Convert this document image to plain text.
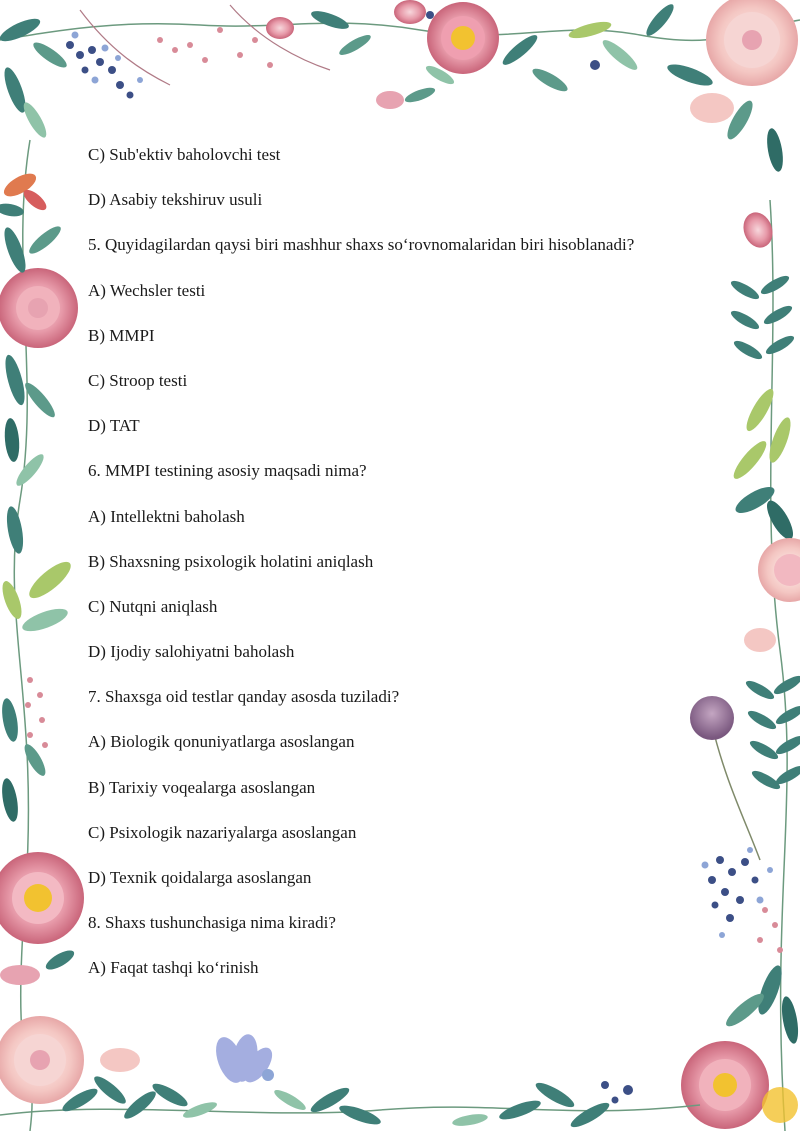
C) Sub'ektiv baholovchi test
D) Asabiy tekshiruv usuli
5. Quyidagilardan qaysi biri mashhur shaxs so‘rovnomalaridan biri hisoblanadi?
A) Wechsler testi
B) MMPI
C) Stroop testi
D) TAT
6. MMPI testining asosiy maqsadi nima?
A) Intellektni baholash
B) Shaxsning psixologik holatini aniqlash
C) Nutqni aniqlash
D) Ijodiy salohiyatni baholash
7. Shaxsga oid testlar qanday asosda tuziladi?
A) Biologik qonuniyatlarga asoslangan
B) Tarixiy voqealarga asoslangan
C) Psixologik nazariyalarga asoslangan
D) Texnik qoidalarga asoslangan
8. Shaxs tushunchasiga nima kiradi?
A) Faqat tashqi ko‘rinish
